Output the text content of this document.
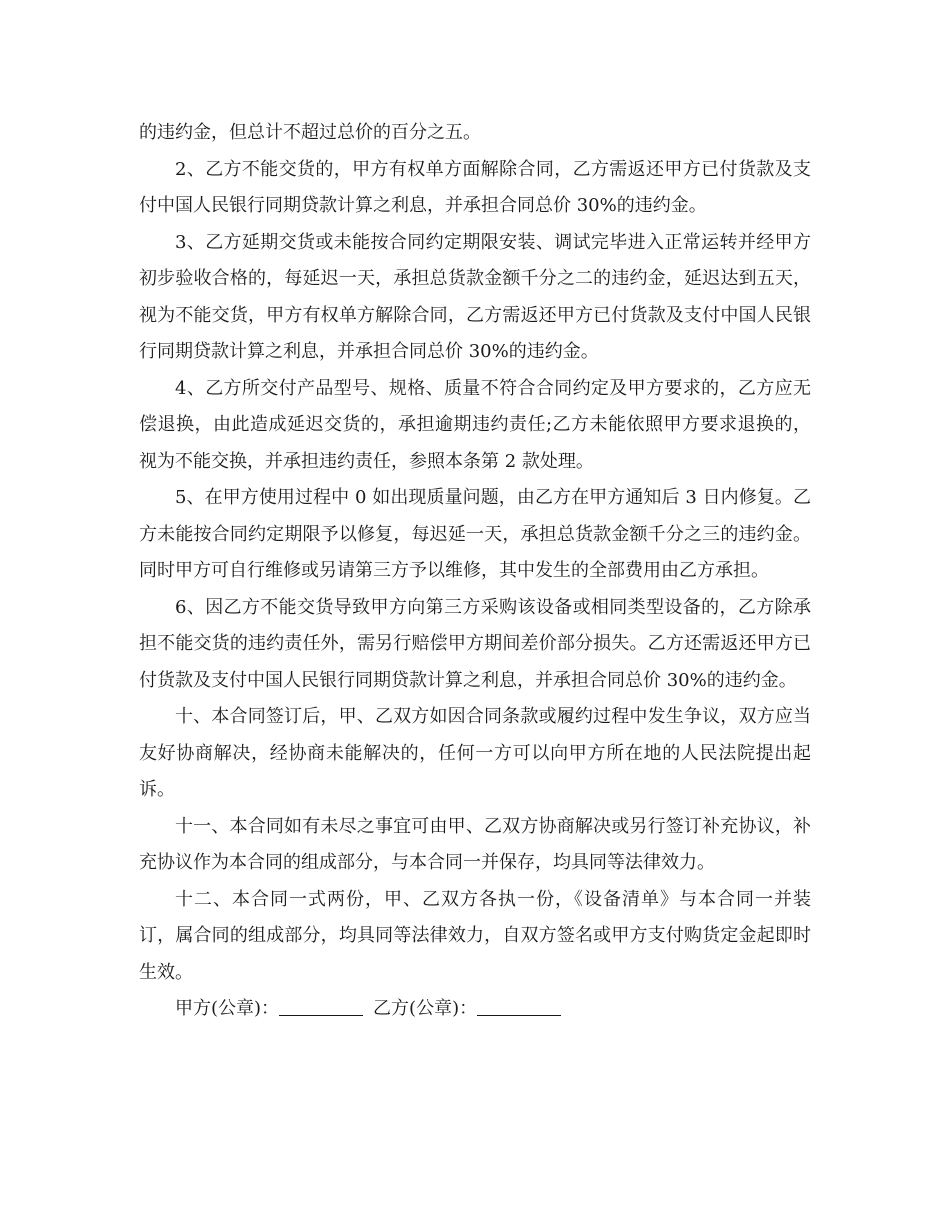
的违约金，但总计不超过总价的百分之五。

2、乙方不能交货的，甲方有权单方面解除合同，乙方需返还甲方已付货款及支付中国人民银行同期贷款计算之利息，并承担合同总价 30%的违约金。

3、乙方延期交货或未能按合同约定期限安装、调试完毕进入正常运转并经甲方初步验收合格的，每延迟一天，承担总货款金额千分之二的违约金，延迟达到五天，视为不能交货，甲方有权单方解除合同，乙方需返还甲方已付货款及支付中国人民银行同期贷款计算之利息，并承担合同总价 30%的违约金。

4、乙方所交付产品型号、规格、质量不符合合同约定及甲方要求的，乙方应无偿退换，由此造成延迟交货的，承担逾期违约责任;乙方未能依照甲方要求退换的，视为不能交换，并承担违约责任，参照本条第 2 款处理。

5、在甲方使用过程中 0 如出现质量问题，由乙方在甲方通知后 3 日内修复。乙方未能按合同约定期限予以修复，每迟延一天，承担总货款金额千分之三的违约金。同时甲方可自行维修或另请第三方予以维修，其中发生的全部费用由乙方承担。

6、因乙方不能交货导致甲方向第三方采购该设备或相同类型设备的，乙方除承担不能交货的违约责任外，需另行赔偿甲方期间差价部分损失。乙方还需返还甲方已付货款及支付中国人民银行同期贷款计算之利息，并承担合同总价 30%的违约金。

十、本合同签订后，甲、乙双方如因合同条款或履约过程中发生争议，双方应当友好协商解决，经协商未能解决的，任何一方可以向甲方所在地的人民法院提出起诉。

十一、本合同如有未尽之事宜可由甲、乙双方协商解决或另行签订补充协议，补充协议作为本合同的组成部分，与本合同一并保存，均具同等法律效力。

十二、本合同一式两份，甲、乙双方各执一份，《设备清单》与本合同一并装订，属合同的组成部分，均具同等法律效力，自双方签名或甲方支付购货定金起即时生效。

甲方(公章)：	乙方(公章)：
